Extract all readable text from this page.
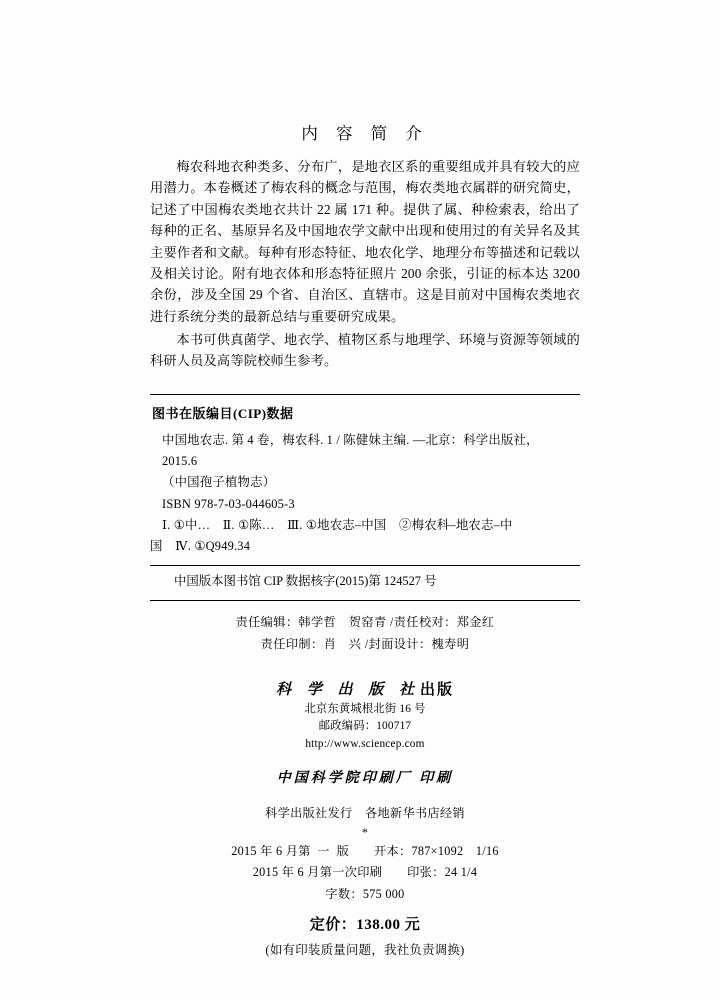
内 容 简 介

梅农科地衣种类多、分布广，是地衣区系的重要组成并具有较大的应用潜力。本卷概述了梅农科的概念与范围，梅农类地衣属群的研究简史，记述了中国梅农类地衣共计 22 属 171 种。提供了属、种检索表，给出了每种的正名、基原异名及中国地农学文献中出现和使用过的有关异名及其主要作者和文献。每种有形态特征、地农化学、地理分布等描述和记载以及相关讨论。附有地衣体和形态特征照片 200 余张，引证的标本达 3200 余份，涉及全国 29 个省、自治区、直辖市。这是目前对中国梅农类地衣进行系统分类的最新总结与重要研究成果。

本书可供真菌学、地衣学、植物区系与地理学、环境与资源等领域的科研人员及高等院校师生参考。

图书在版编目(CIP)数据
中国地农志. 第 4 卷，梅农科. 1 / 陈健妹主编. —北京：科学出版社，
2015.6
（中国孢子植物志）
ISBN 978-7-03-044605-3
Ⅰ. ①中…　Ⅱ. ①陈…　Ⅲ. ①地农志–中国　②梅农科–地农志–中
国　Ⅳ. ①Q949.34
中国版本图书馆 CIP 数据核字(2015)第 124527 号
责任编辑：韩学哲　贺窑青 /责任校对：郑金红
责任印制：肖　兴 /封面设计：槐寿明
科 学 出 版 社出版
北京东黄城根北街 16 号
邮政编码：100717
http://www.sciencep.com
中国科学院印刷厂 印刷
科学出版社发行　各地新华书店经销
*
2015 年 6 月第  一  版　　开本：787×1092　1/16
2015 年 6 月第一次印刷　　印张：24 1/4
字数：575 000
定价：138.00 元
(如有印装质量问题，我社负责调换)
